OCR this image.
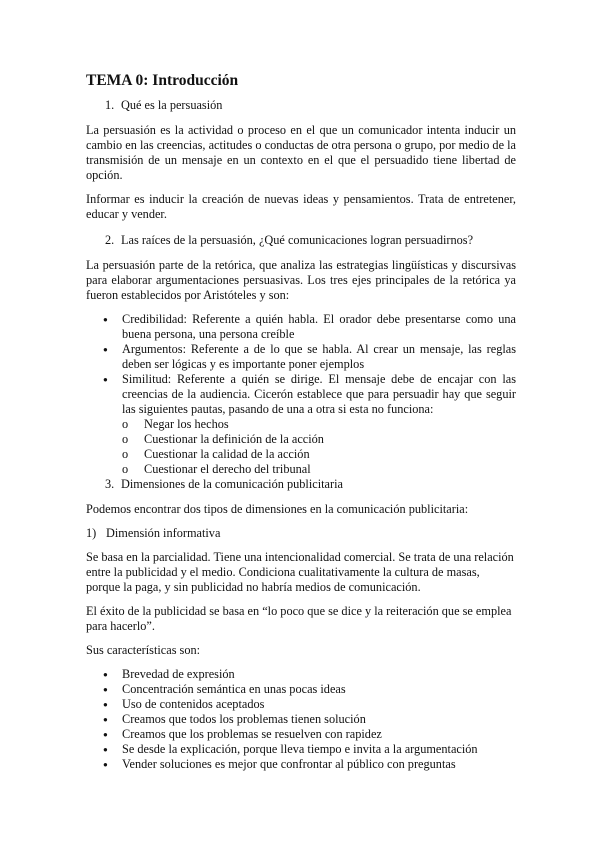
TEMA 0: Introducción
1. Qué es la persuasión

La persuasión es la actividad o proceso en el que un comunicador intenta inducir un cambio en las creencias, actitudes o conductas de otra persona o grupo, por medio de la transmisión de un mensaje en un contexto en el que el persuadido tiene libertad de opción.

Informar es inducir la creación de nuevas ideas y pensamientos. Trata de entretener, educar y vender.

2. Las raíces de la persuasión, ¿Qué comunicaciones logran persuadirnos?

La persuasión parte de la retórica, que analiza las estrategias lingüísticas y discursivas para elaborar argumentaciones persuasivas. Los tres ejes principales de la retórica ya fueron establecidos por Aristóteles y son:

● Credibilidad: Referente a quién habla. El orador debe presentarse como una buena persona, una persona creíble
● Argumentos: Referente a de lo que se habla. Al crear un mensaje, las reglas deben ser lógicas y es importante poner ejemplos
● Similitud: Referente a quién se dirige. El mensaje debe de encajar con las creencias de la audiencia. Cicerón establece que para persuadir hay que seguir las siguientes pautas, pasando de una a otra si esta no funciona:
o Negar los hechos
o Cuestionar la definición de la acción
o Cuestionar la calidad de la acción
o Cuestionar el derecho del tribunal
3. Dimensiones de la comunicación publicitaria

Podemos encontrar dos tipos de dimensiones en la comunicación publicitaria:

1) Dimensión informativa

Se basa en la parcialidad. Tiene una intencionalidad comercial. Se trata de una relación entre la publicidad y el medio. Condiciona cualitativamente la cultura de masas, porque la paga, y sin publicidad no habría medios de comunicación.

El éxito de la publicidad se basa en “lo poco que se dice y la reiteración que se emplea para hacerlo”.

Sus características son:

● Brevedad de expresión
● Concentración semántica en unas pocas ideas
● Uso de contenidos aceptados
● Creamos que todos los problemas tienen solución
● Creamos que los problemas se resuelven con rapidez
● Se desde la explicación, porque lleva tiempo e invita a la argumentación
● Vender soluciones es mejor que confrontar al público con preguntas
